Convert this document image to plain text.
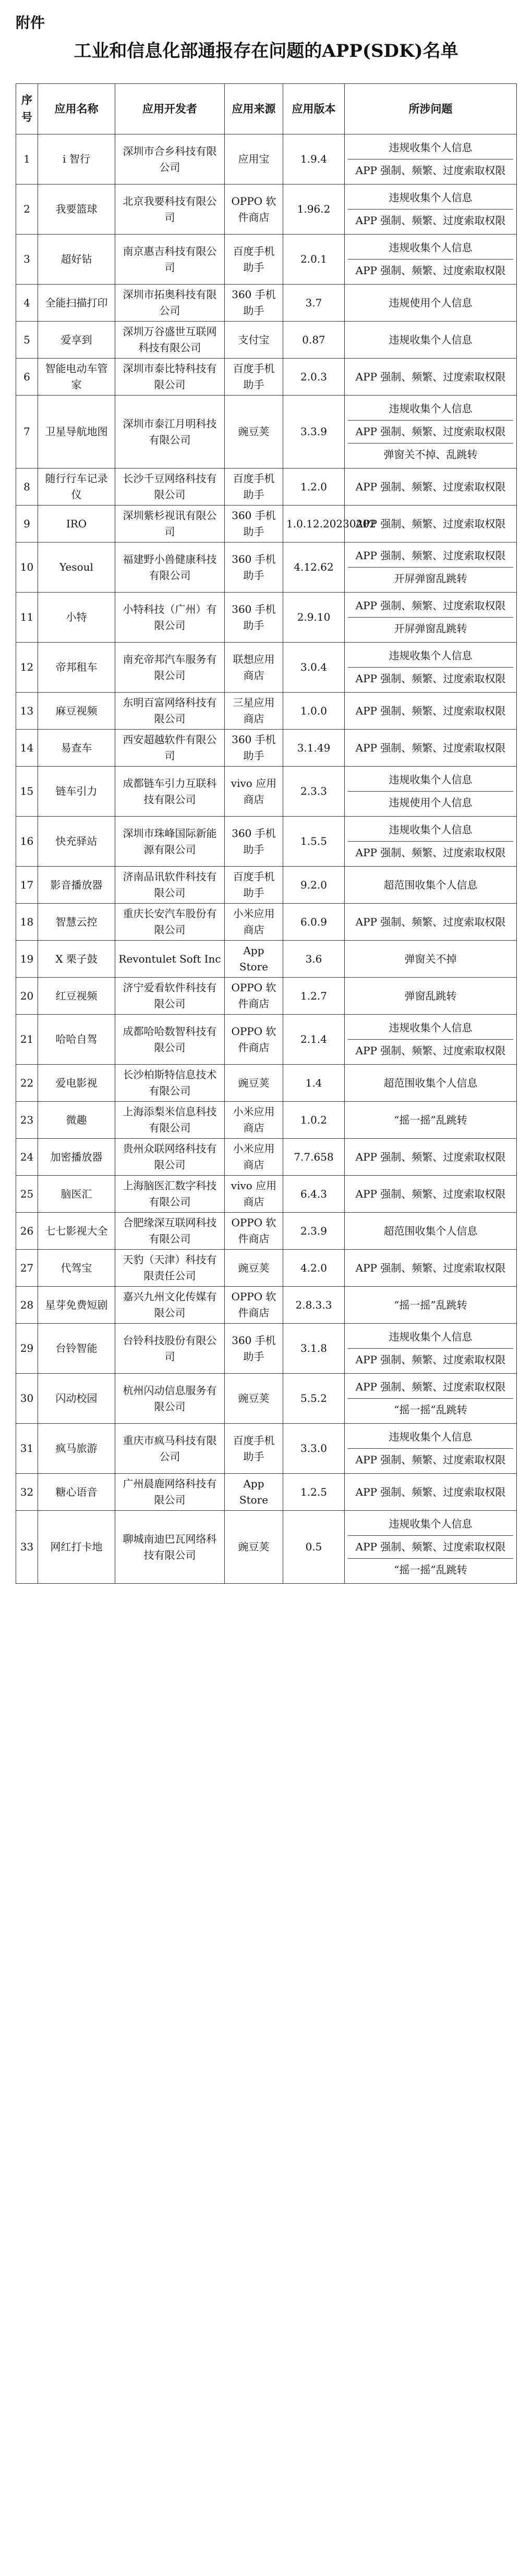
附件
工业和信息化部通报存在问题的APP(SDK)名单
序号	应用名称	应用开发者	应用来源	应用版本	所涉问题
1	i 智行	深圳市合乡科技有限公司	应用宝	1.9.4	违规收集个人信息
APP 强制、频繁、过度索取权限

2	我要篮球	北京我要科技有限公司	OPPO 软件商店	1.96.2	违规收集个人信息
APP 强制、频繁、过度索取权限

3	超好钻	南京惠吉科技有限公司	百度手机助手	2.0.1	违规收集个人信息
APP 强制、频繁、过度索取权限

4	全能扫描打印	深圳市拓奥科技有限公司	360 手机助手	3.7	违规使用个人信息

5	爱享到	深圳万谷盛世互联网科技有限公司	支付宝	0.87	违规收集个人信息

6	智能电动车管家	深圳市泰比特科技有限公司	百度手机助手	2.0.3	APP 强制、频繁、过度索取权限

7	卫星导航地图	深圳市泰江月明科技有限公司	豌豆荚	3.3.9	违规收集个人信息
APP 强制、频繁、过度索取权限
弹窗关不掉、乱跳转

8	随行行车记录仪	长沙千豆网络科技有限公司	百度手机助手	1.2.0	APP 强制、频繁、过度索取权限

9	IRO	深圳紫杉视讯有限公司	360 手机助手	1.0.12.20230202	APP 强制、频繁、过度索取权限

10	Yesoul	福建野小兽健康科技有限公司	360 手机助手	4.12.62	APP 强制、频繁、过度索取权限
开屏弹窗乱跳转

11	小特	小特科技（广州）有限公司	360 手机助手	2.9.10	APP 强制、频繁、过度索取权限
开屏弹窗乱跳转

12	帝邦租车	南充帝邦汽车服务有限公司	联想应用商店	3.0.4	违规收集个人信息
APP 强制、频繁、过度索取权限

13	麻豆视频	东明百富网络科技有限公司	三星应用商店	1.0.0	APP 强制、频繁、过度索取权限

14	易查车	西安超越软件有限公司	360 手机助手	3.1.49	APP 强制、频繁、过度索取权限

15	链车引力	成都链车引力互联科技有限公司	vivo 应用商店	2.3.3	违规收集个人信息
违规使用个人信息

16	快充驿站	深圳市珠峰国际新能源有限公司	360 手机助手	1.5.5	违规收集个人信息
APP 强制、频繁、过度索取权限

17	影音播放器	济南品讯软件科技有限公司	百度手机助手	9.2.0	超范围收集个人信息

18	智慧云控	重庆长安汽车股份有限公司	小米应用商店	6.0.9	APP 强制、频繁、过度索取权限

19	X 栗子鼓	Revontulet Soft Inc	App Store	3.6	弹窗关不掉

20	红豆视频	济宁爱看软件科技有限公司	OPPO 软件商店	1.2.7	弹窗乱跳转

21	哈哈自驾	成都哈哈数智科技有限公司	OPPO 软件商店	2.1.4	违规收集个人信息
APP 强制、频繁、过度索取权限

22	爱电影视	长沙柏斯特信息技术有限公司	豌豆荚	1.4	超范围收集个人信息

23	微趣	上海添梨米信息科技有限公司	小米应用商店	1.0.2	“摇一摇”乱跳转

24	加密播放器	贵州众联网络科技有限公司	小米应用商店	7.7.658	APP 强制、频繁、过度索取权限

25	脑医汇	上海脑医汇数字科技有限公司	vivo 应用商店	6.4.3	APP 强制、频繁、过度索取权限

26	七七影视大全	合肥缘深互联网科技有限公司	OPPO 软件商店	2.3.9	超范围收集个人信息

27	代驾宝	天豹（天津）科技有限责任公司	豌豆荚	4.2.0	APP 强制、频繁、过度索取权限

28	星芽免费短剧	嘉兴九州文化传媒有限公司	OPPO 软件商店	2.8.3.3	“摇一摇”乱跳转

29	台铃智能	台铃科技股份有限公司	360 手机助手	3.1.8	违规收集个人信息
APP 强制、频繁、过度索取权限

30	闪动校园	杭州闪动信息服务有限公司	豌豆荚	5.5.2	APP 强制、频繁、过度索取权限
“摇一摇”乱跳转

31	疯马旅游	重庆市疯马科技有限公司	百度手机助手	3.3.0	违规收集个人信息
APP 强制、频繁、过度索取权限

32	糖心语音	广州晨鹿网络科技有限公司	App Store	1.2.5	APP 强制、频繁、过度索取权限

33	网红打卡地	聊城南迪巴瓦网络科技有限公司	豌豆荚	0.5	违规收集个人信息
APP 强制、频繁、过度索取权限
“摇一摇”乱跳转
